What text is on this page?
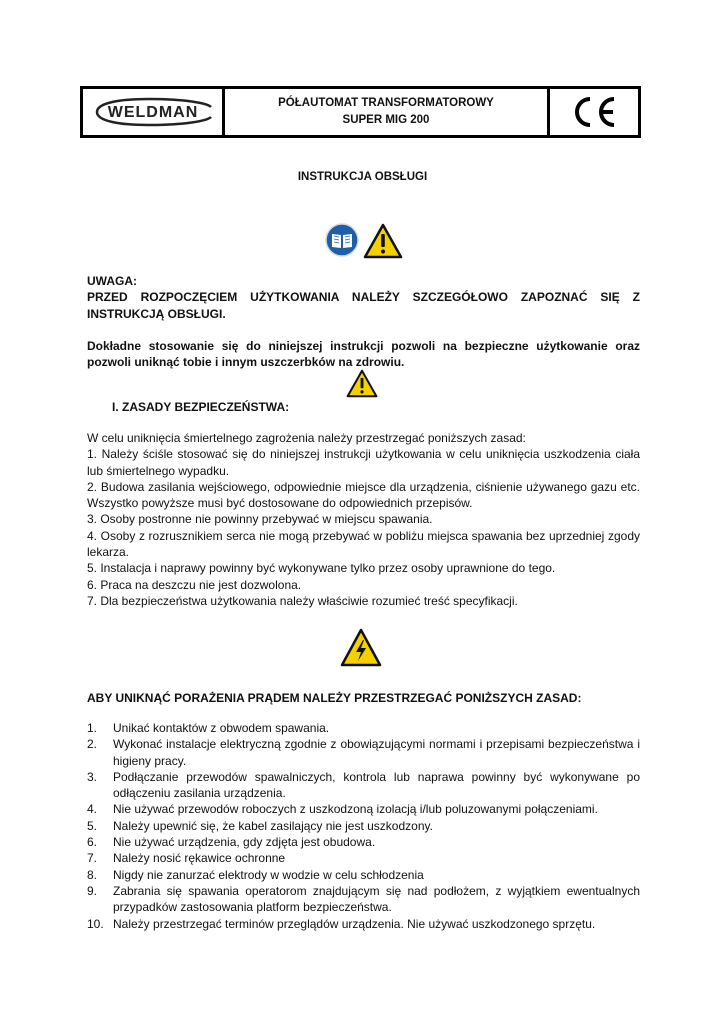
WELDMAN
PÓŁAUTOMAT TRANSFORMATOROWY
SUPER MIG 200
INSTRUKCJA OBSŁUGI

UWAGA:

PRZED ROZPOCZĘCIEM UŻYTKOWANIA NALEŻY SZCZEGÓŁOWO ZAPOZNAĆ SIĘ Z INSTRUKCJĄ OBSŁUGI.

Dokładne stosowanie się do niniejszej instrukcji pozwoli na bezpieczne użytkowanie oraz pozwoli uniknąć tobie i innym uszczerbków na zdrowiu.
I. ZASADY BEZPIECZEŃSTWA:

W celu uniknięcia śmiertelnego zagrożenia należy przestrzegać poniższych zasad:

1. Należy ściśle stosować się do niniejszej instrukcji użytkowania w celu uniknięcia uszkodzenia ciała lub śmiertelnego wypadku.

2. Budowa zasilania wejściowego, odpowiednie miejsce dla urządzenia, ciśnienie używanego gazu etc. Wszystko powyższe musi być dostosowane do odpowiednich przepisów.

3. Osoby postronne nie powinny przebywać w miejscu spawania.

4. Osoby z rozrusznikiem serca nie mogą przebywać w pobliżu miejsca spawania bez uprzedniej zgody lekarza.

5. Instalacja i naprawy powinny być wykonywane tylko przez osoby uprawnione do tego.

6. Praca na deszczu nie jest dozwolona.

7. Dla bezpieczeństwa użytkowania należy właściwie rozumieć treść specyfikacji.

ABY UNIKNĄĆ PORAŻENIA PRĄDEM NALEŻY PRZESTRZEGAĆ PONIŻSZYCH ZASAD:
1.	Unikać kontaktów z obwodem spawania.
2.	Wykonać instalacje elektryczną zgodnie z obowiązującymi normami i przepisami bezpieczeństwa i higieny pracy.
3.	Podłączanie przewodów spawalniczych, kontrola lub naprawa powinny być wykonywane po odłączeniu zasilania urządzenia.
4.	Nie używać przewodów roboczych z uszkodzoną izolacją i/lub poluzowanymi połączeniami.
5.	Należy upewnić się, że kabel zasilający nie jest uszkodzony.
6.	Nie używać urządzenia, gdy zdjęta jest obudowa.
7.	Należy nosić rękawice ochronne
8.	Nigdy nie zanurzać elektrody w wodzie w celu schłodzenia
9.	Zabrania się spawania operatorom znajdującym się nad podłożem, z wyjątkiem ewentualnych przypadków zastosowania platform bezpieczeństwa.
10. Należy przestrzegać terminów przeglądów urządzenia. Nie używać uszkodzonego sprzętu.
